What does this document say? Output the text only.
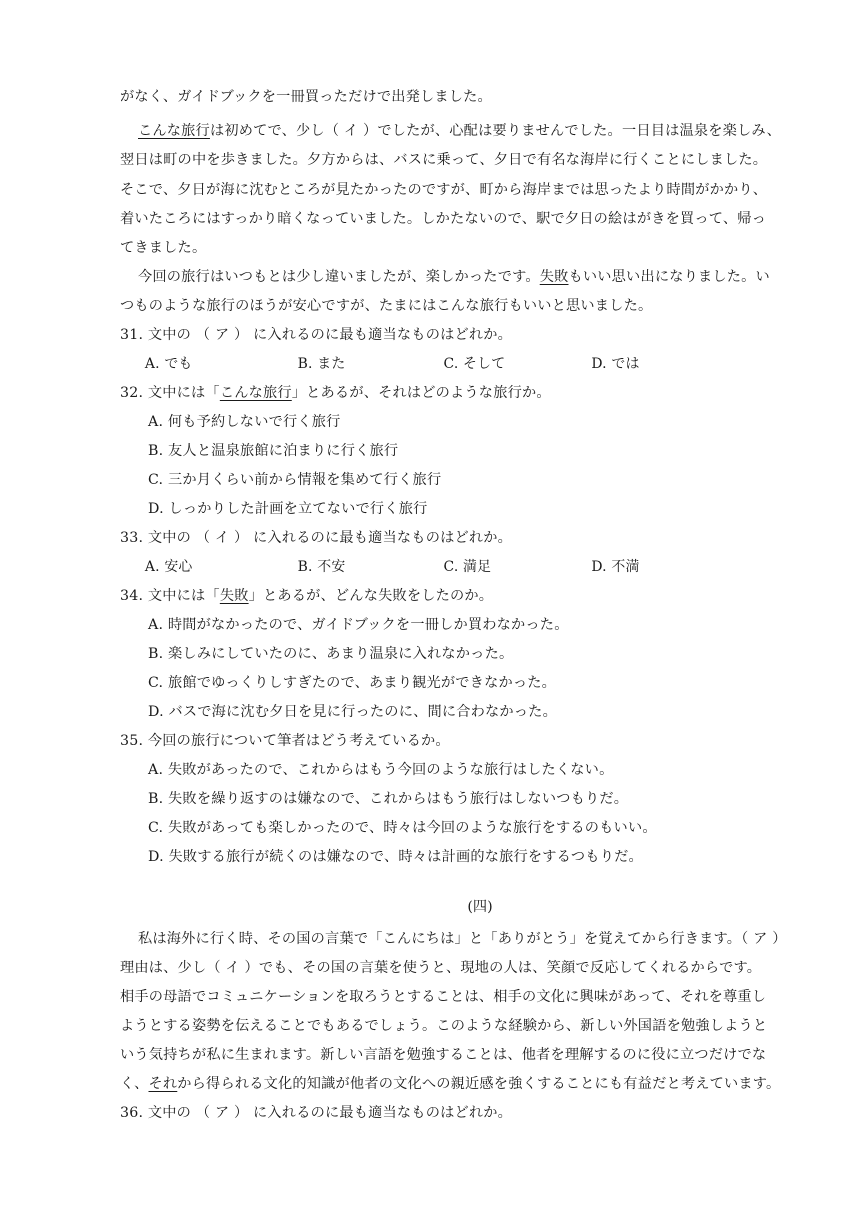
がなく、ガイドブックを一冊買っただけで出発しました。
こんな旅行は初めてで、少し（ イ ）でしたが、心配は要りませんでした。一日目は温泉を楽しみ、
翌日は町の中を歩きました。夕方からは、バスに乗って、夕日で有名な海岸に行くことにしました。
そこで、夕日が海に沈むところが見たかったのですが、町から海岸までは思ったより時間がかかり、
着いたころにはすっかり暗くなっていました。しかたないので、駅で夕日の絵はがきを買って、帰っ
てきました。
今回の旅行はいつもとは少し違いましたが、楽しかったです。失敗もいい思い出になりました。い
つものような旅行のほうが安心ですが、たまにはこんな旅行もいいと思いました。
31. 文中の （ ア ） に入れるのに最も適当なものはどれか。
A. でも	B. また	C. そして	D. では
32. 文中には「こんな旅行」とあるが、それはどのような旅行か。
A. 何も予約しないで行く旅行
B. 友人と温泉旅館に泊まりに行く旅行
C. 三か月くらい前から情報を集めて行く旅行
D. しっかりした計画を立てないで行く旅行
33. 文中の （ イ ） に入れるのに最も適当なものはどれか。
A. 安心	B. 不安	C. 満足	D. 不満
34. 文中には「失敗」とあるが、どんな失敗をしたのか。
A. 時間がなかったので、ガイドブックを一冊しか買わなかった。
B. 楽しみにしていたのに、あまり温泉に入れなかった。
C. 旅館でゆっくりしすぎたので、あまり観光ができなかった。
D. バスで海に沈む夕日を見に行ったのに、間に合わなかった。
35. 今回の旅行について筆者はどう考えているか。
A. 失敗があったので、これからはもう今回のような旅行はしたくない。
B. 失敗を繰り返すのは嫌なので、これからはもう旅行はしないつもりだ。
C. 失敗があっても楽しかったので、時々は今回のような旅行をするのもいい。
D. 失敗する旅行が続くのは嫌なので、時々は計画的な旅行をするつもりだ。
(四)
私は海外に行く時、その国の言葉で「こんにちは」と「ありがとう」を覚えてから行きます。（ ア ）
理由は、少し（ イ ）でも、その国の言葉を使うと、現地の人は、笑顔で反応してくれるからです。
相手の母語でコミュニケーションを取ろうとすることは、相手の文化に興味があって、それを尊重し
ようとする姿勢を伝えることでもあるでしょう。このような経験から、新しい外国語を勉強しようと
いう気持ちが私に生まれます。新しい言語を勉強することは、他者を理解するのに役に立つだけでな
く、それから得られる文化的知識が他者の文化への親近感を強くすることにも有益だと考えています。
36. 文中の （ ア ） に入れるのに最も適当なものはどれか。
